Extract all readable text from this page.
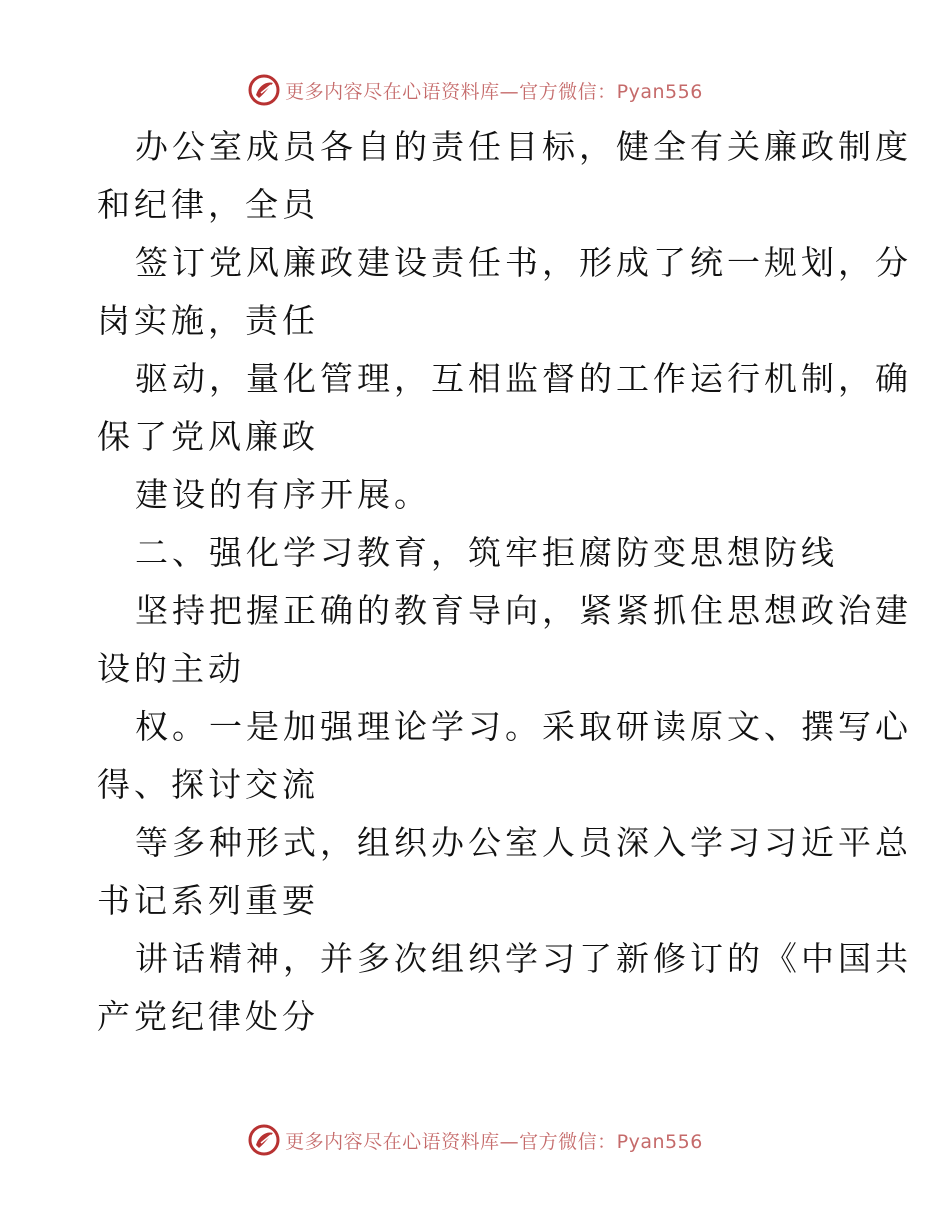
更多内容尽在心语资料库—官方微信：Pyan556
办公室成员各自的责任目标，健全有关廉政制度
和纪律，全员
签订党风廉政建设责任书，形成了统一规划，分
岗实施，责任
驱动，量化管理，互相监督的工作运行机制，确
保了党风廉政
建设的有序开展。
二、强化学习教育，筑牢拒腐防变思想防线
坚持把握正确的教育导向，紧紧抓住思想政治建
设的主动
权。一是加强理论学习。采取研读原文、撰写心
得、探讨交流
等多种形式，组织办公室人员深入学习习近平总
书记系列重要
讲话精神，并多次组织学习了新修订的《中国共
产党纪律处分
更多内容尽在心语资料库—官方微信：Pyan556
